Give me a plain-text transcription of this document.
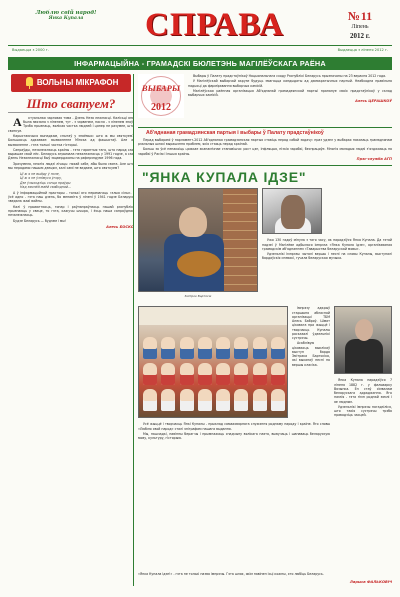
Люблю свій народ!
Янка Купала	СПРАВА	№ 11
Ліпень
2012 г.
Выдаецца з 2000 г.	Выдаецца з ліпеня 2012 г.
ІНФАРМАЦЫЙНА - ГРАМАДСКІ БЮЛЕТЭНЬ МАГІЛЁЎСКАГА РАЁНА
ВОЛЬНЫ МІКРАФОН
Што сватуем?

А ктуальная чарговая тэма - Дзень Неза лежнасці. Калісьці яна была звязана з ліпенем, тут - з чэрвенем, пасля - з ліпенем зноў. Трэба прызнаць, вялікая частка людзей і цяпер не разумее, што святкуе.

Карыстаючыся выпадкам, спытаў у знаёмых: што ж мы святкуем? Большасць адказвае: вызваленне Мінска ад фашыстаў. Але ж вызваленне - гэта толькі частка гісторыі.

Сапраўды, незалежнасць краіны - гэта гарантыя таго, што народ сам вырашае свой лёс. Беларусь атрымала незалежнасць у 1991 годзе, а сам Дзень Незалежнасці быў зацверджаны на рэферэндуме 1996 года.

Зразумела, многія людзі лічаць: няхай сабе, абы было свята. Але што мы перадамо нашым дзецям, калі самі не ведаем, што святкуем?

Ці ж я не выйду ў поле,
Ці ж я не ўзнімуся ўгору,
Дзе ўзыходзіць сонца праўды
Над зямлёй маёй свабоднай...

А ў інфармацыйнай прасторы - толькі яго перамагаць «злыя сілы». І ўсё адно - гэта наш дзень, бо менавіта ў ліпені ў 1941 годзе Беларусь зведала жахі вайны.

Калі ў прыватнасць, гонар і раўнапраўнасць нашай рэспублікі прызнаюць у свеце, то гэта, кажучы шчыра, і ёсць наша сапраўдная незалежнасць.

Будзе Беларусь — будзем і мы!

Алесь БОСКО
ВЫБАРЫ
2012

Выбары ў Палату прадстаўнікоў Нацыянальнага сходу Рэспублікі Беларусь прызначаны на 23 верасня 2012 года.

У Магілёўскай выбарчай акрузе будуць змагацца кандыдаты ад дэмакратычных партый. Неабходна правільна падысці да фарміравання выбарчых камісій.

Магілёўская раённая арганізацыя Аб'яднанай грамадзянскай партыі прапануе сваіх прадстаўнікоў у склад выбарчых камісій.

Алесь ЦЕРАШКОЎ
Аб'яднаная грамадзянская партыя і выбары ў Палату прадстаўнікоў

Перад выбарамі ў парламент-2012 Аб'яднаная грамадзянская партыя ставіць перад сабой задачу: праз удзел у выбарах паказаць грамадзянам рэальныя шляхі вырашэння праблем, якія стаяць перад краінай.

Больш за ўсё непакоіць цяжкае эканамічнае становішча: рост цэн, інфляцыя, нізкія заробкі, беспрацоўе. Многія маладыя людзі з'язджаюць на заробкі ў Расію і іншыя краіны.

Прэс-служба АГП
"ЯНКА КУПАЛА ІДЗЕ"

Ужо 130 гадоў мінула з таго часу, як нарадзіўся Янка Купала. Да гэтай падзеі ў Магілёве адбылася імпрэза «Янка Купала ідзе», арганізаваная грамадскім аб'яднаннем «Таварыства беларускай мовы».

Удзельнікі імпрэзы чыталі вершы і песні на словы Купалы, выступалі бардаўскія спевакі, гучала беларуская музыка.

Змітрок Бартосік

Імпрэзу адкрыў старшыня абласной арганізацыі ТБМ Алесь Баброў. Шмат цікавага пра жыццё і творчасць Купалы расказалі ўдзельнікі сустрэчы.

Асаблівую цікавасць выклікаў выступ барда Змітрака Бартосіка, які выканаў песні на вершы класіка.

Янка Купала нарадзіўся 7 ліпеня 1882 г. у фальварку Вязынка. Ён стаў сімвалам беларускага адраджэння. Яго паэзія - гэта гімн роднай зямлі і яе людзям.

Удзельнікі імпрэзы пагадзіліся, што такія сустрэчы трэба праводзіць часцей.

Усё жыццё і творчасць Янкі Купалы - прыклад самаахвярнага служэння роднаму народу і краіне. Яго словы «Люблю свой народ» сталі эпіграфам нашага выдання.

Мы, нашчадкі, павінны берагчы і прымнажаць спадчыну вялікага паэта, вывучаць і шанаваць беларускую мову, культуру, гісторыю.

«Янка Купала ідзе!» - гэта не толькі назва імпрэзы. Гэта шлях, якім павінен ісці кожны, хто любіць Беларусь.
Ларыса ФАЛЬКОВІЧ
